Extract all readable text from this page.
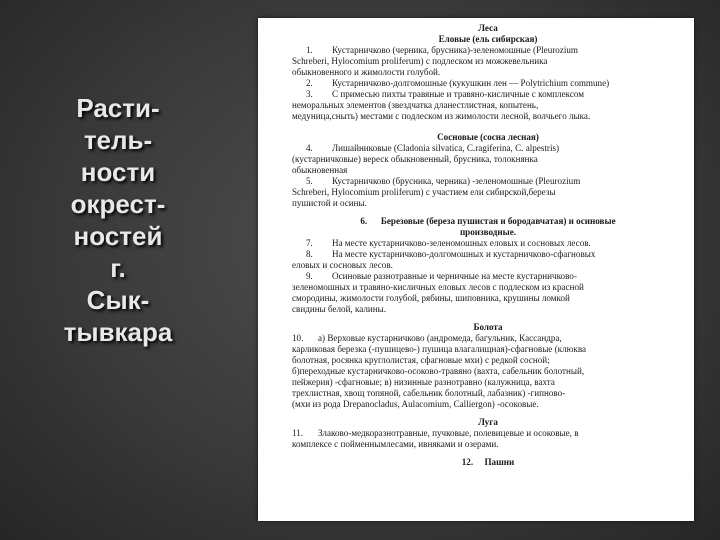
Расти-
тель-
ности
окрест-
ностей
г.
Сык-
тывкара
Леса
Еловые (ель сибирская)
1. Кустарничково (черника, брусника)-зеленомошные (Pleurozium
Schreberi, Hylocomium proliferum) с подлеском из можжевельника
обыкновенного и жимолости голубой.
2. Кустарничково-долгомошные (кукушкин лен — Polytrichium commune)
3. С примесью пихты травяные и травяно-кисличные с комплексом
неморальных элементов (звездчатка дланестлистная, копытень,
медуница,сныть) местами с подлеском из жимолости лесной, волчьего лыка.
Сосновые (сосна лесная)
4. Лишайниковые (Cladonia silvatica, C.ragiferina, C. alpestris)
(кустарничковые) вереск обыкновенный, брусника, толокнянка
обыкновенная
5. Кустарничково (брусника, черника) -зеленомошные (Pleurozium
Schreberi, Hylocomium proliferum) с участием ели сибирской,березы
пушистой и осины.
6.      Березовые (береза пушистая и бородавчатая) и осиновые
производные.
7. На месте кустарничково-зеленомошных еловых и сосновых лесов.
8. На месте кустарничково-долгомошных и кустарничково-сфагновых
еловых и сосновых лесов.
9. Осиновые разнотравные и черничные на месте кустарничково-
зеленомошных и травяно-кисличных еловых лесов с подлеском из красной
смородины, жимолости голубой, рябины, шиповника, крушины ломкой
свидины белой, калины.
Болота
10. а) Верховые кустарничково (андромеда, багульник, Кассандра,
карликовая березка (-пушицево-) пушица влагалищная)-сфагновые (клюква
болотная, росянка круглолистая, сфагновые мхи) с редкой сосной;
б)переходные кустарничково-осоково-травяно (вахта, сабельник болотный,
пейжерия) -сфагновые; в) низинные разнотравно (калужница, вахта
трехлистная, хвощ топяной, сабельник болотный, лабазник) -гипново-
(мхи из рода Drepanocladus, Aulacomium, Calliergon) -осоковые.
Луга
11. Злаково-медкоразнотравные, пучковые, полевицевые и осоковые, в
комплексе с пойменнымлесами, ивняками и озерами.
12. Пашни
